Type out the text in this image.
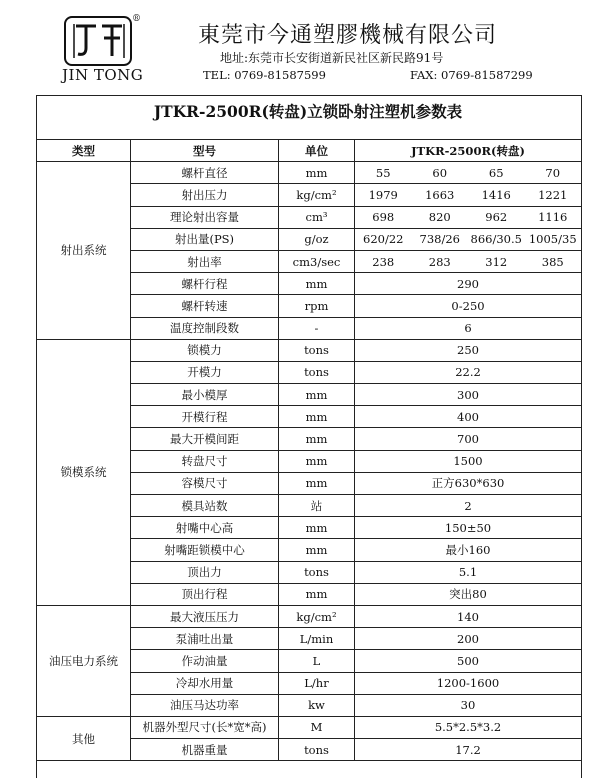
®
JIN TONG
東莞市今通塑膠機械有限公司
地址:东莞市长安街道新民社区新民路91号
TEL: 0769-81587599	FAX: 0769-81587299
JTKR-2500R(转盘)立锁卧射注塑机参数表
类型	型号	单位	JTKR-2500R(转盘)
射出系统	螺杆直径	mm	55 60 65 70

	射出压力	kg/cm²	1979 1663 1416 1221

	理论射出容量	cm³	698 820 962 1116

	射出量(PS)	g/oz	620/22 738/26 866/30.5 1005/35

	射出率	cm3/sec	238 283 312 385

	螺杆行程	mm	290
	螺杆转速	rpm	0-250
	温度控制段数	-	6
锁模系统	锁模力	tons	250
	开模力	tons	22.2
	最小模厚	mm	300
	开模行程	mm	400
	最大开模间距	mm	700
	转盘尺寸	mm	1500
	容模尺寸	mm	正方630*630
	模具站数	站	2
	射嘴中心高	mm	150±50
	射嘴距锁模中心	mm	最小160
	顶出力	tons	5.1
	顶出行程	mm	突出80
油压电力系统	最大液压压力	kg/cm²	140
	泵浦吐出量	L/min	200
	作动油量	L	500
	冷却水用量	L/hr	1200-1600
	油压马达功率	kw	30
其他	机器外型尺寸(长*宽*高)	M	5.5*2.5*3.2
	机器重量	tons	17.2
